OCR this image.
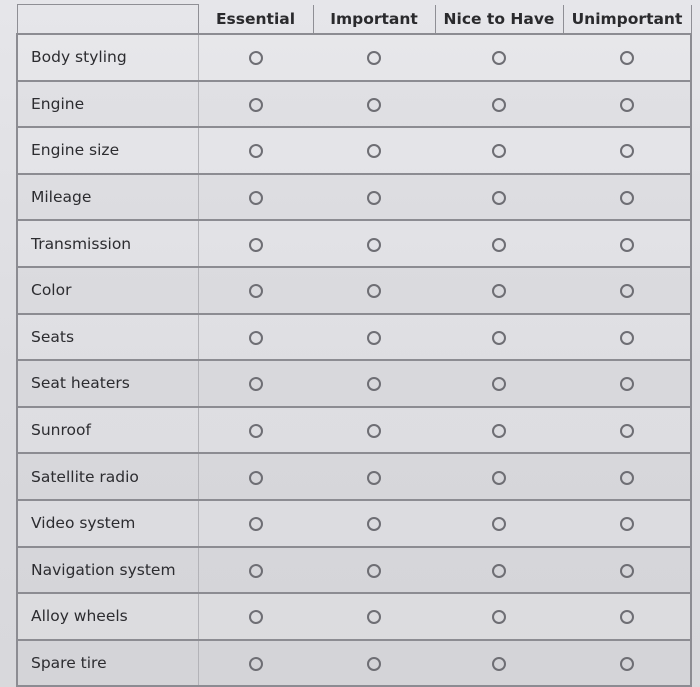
	Essential	Important	Nice to Have	Unimportant
Body styling				
Engine				
Engine size				
Mileage				
Transmission				
Color				
Seats				
Seat heaters				
Sunroof				
Satellite radio				
Video system				
Navigation system				
Alloy wheels				
Spare tire				
